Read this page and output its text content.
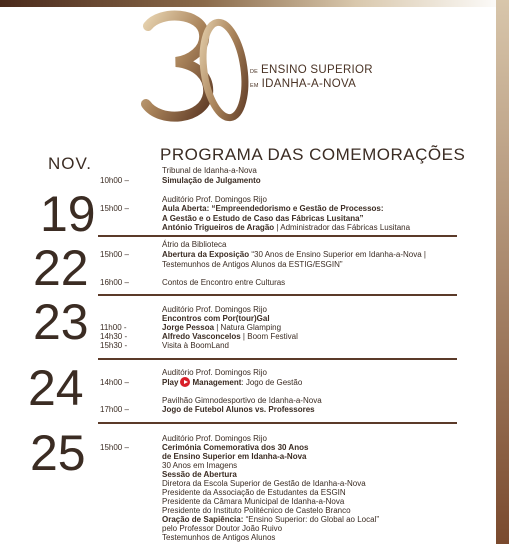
DE ENSINO SUPERIOR
EM IDANHA-A-NOVA
PROGRAMA DAS COMEMORAÇÕES
NOV.
19
Tribunal de Idanha-a-Nova
10h00 –	Simulação de Julgamento
Auditório Prof. Domingos Rijo
15h00 –	Aula Aberta: “Empreendedorismo e Gestão de Processos:
A Gestão e o Estudo de Caso das Fábricas Lusitana”
António Trigueiros de Aragão | Administrador das Fábricas Lusitana
22	Átrio da Biblioteca
15h00 –	Abertura da Exposição “30 Anos de Ensino Superior em Idanha-a-Nova |
Testemunhos de Antigos Alunos da ESTIG/ESGIN”
16h00 –	Contos de Encontro entre Culturas
23	Auditório Prof. Domingos Rijo
Encontros com Por(tour)Gal
11h00 -	Jorge Pessoa | Natura Glamping
14h30 -	Alfredo Vasconcelos | Boom Festival
15h30 -	Visita à BoomLand
24	Auditório Prof. Domingos Rijo
14h00 –	Play Management: Jogo de Gestão
Pavilhão Gimnodesportivo de Idanha-a-Nova
17h00 –	Jogo de Futebol Alunos vs. Professores
25	Auditório Prof. Domingos Rijo
15h00 –	Cerimónia Comemorativa dos 30 Anos
de Ensino Superior em Idanha-a-Nova
30 Anos em Imagens
Sessão de Abertura
Diretora da Escola Superior de Gestão de Idanha-a-Nova
Presidente da Associação de Estudantes da ESGIN
Presidente da Câmara Municipal de Idanha-a-Nova
Presidente do Instituto Politécnico de Castelo Branco
Oração de Sapiência: “Ensino Superior: do Global ao Local”
pelo Professor Doutor João Ruivo
Testemunhos de Antigos Alunos
